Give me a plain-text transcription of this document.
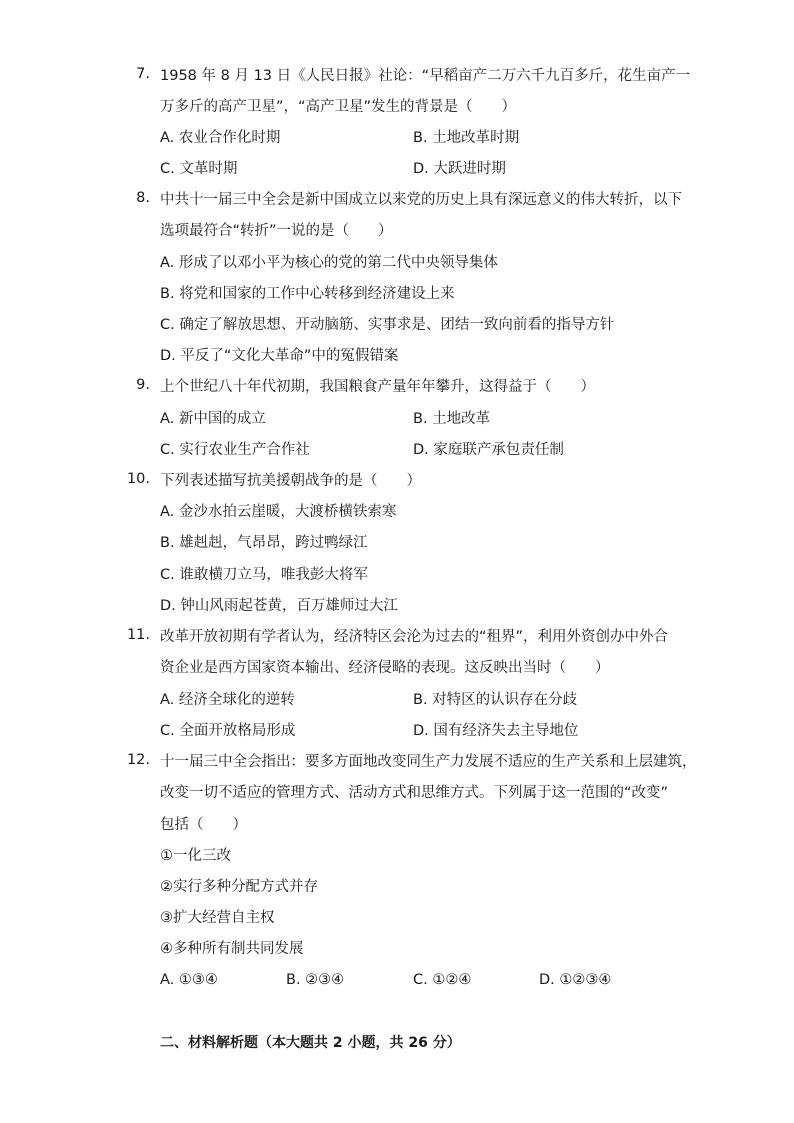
7. 1958 年 8 月 13 日《人民日报》社论：“早稻亩产二万六千九百多斤，花生亩产一
万多斤的高产卫星”，“高产卫星”发生的背景是（　　）
A. 农业合作化时期	B. 土地改革时期
C. 文革时期	D. 大跃进时期
8. 中共十一届三中全会是新中国成立以来党的历史上具有深远意义的伟大转折，以下
选项最符合“转折”一说的是（　　）
A. 形成了以邓小平为核心的党的第二代中央领导集体
B. 将党和国家的工作中心转移到经济建设上来
C. 确定了解放思想、开动脑筋、实事求是、团结一致向前看的指导方针
D. 平反了“文化大革命”中的冤假错案
9. 上个世纪八十年代初期，我国粮食产量年年攀升，这得益于（　　）
A. 新中国的成立	B. 土地改革
C. 实行农业生产合作社	D. 家庭联产承包责任制
10. 下列表述描写抗美援朝战争的是（　　）
A. 金沙水拍云崖暖，大渡桥横铁索寒
B. 雄赳赳，气昂昂，跨过鸭绿江
C. 谁敢横刀立马，唯我彭大将军
D. 钟山风雨起苍黄，百万雄师过大江
11. 改革开放初期有学者认为，经济特区会沦为过去的“租界”，利用外资创办中外合
资企业是西方国家资本输出、经济侵略的表现。这反映出当时（　　）
A. 经济全球化的逆转	B. 对特区的认识存在分歧
C. 全面开放格局形成	D. 国有经济失去主导地位
12. 十一届三中全会指出：要多方面地改变同生产力发展不适应的生产关系和上层建筑，
改变一切不适应的管理方式、活动方式和思维方式。下列属于这一范围的“改变”
包括（　　）
①一化三改
②实行多种分配方式并存
③扩大经营自主权
④多种所有制共同发展
A. ①③④	B. ②③④	C. ①②④	D. ①②③④
二、材料解析题（本大题共 2 小题，共 26 分）
